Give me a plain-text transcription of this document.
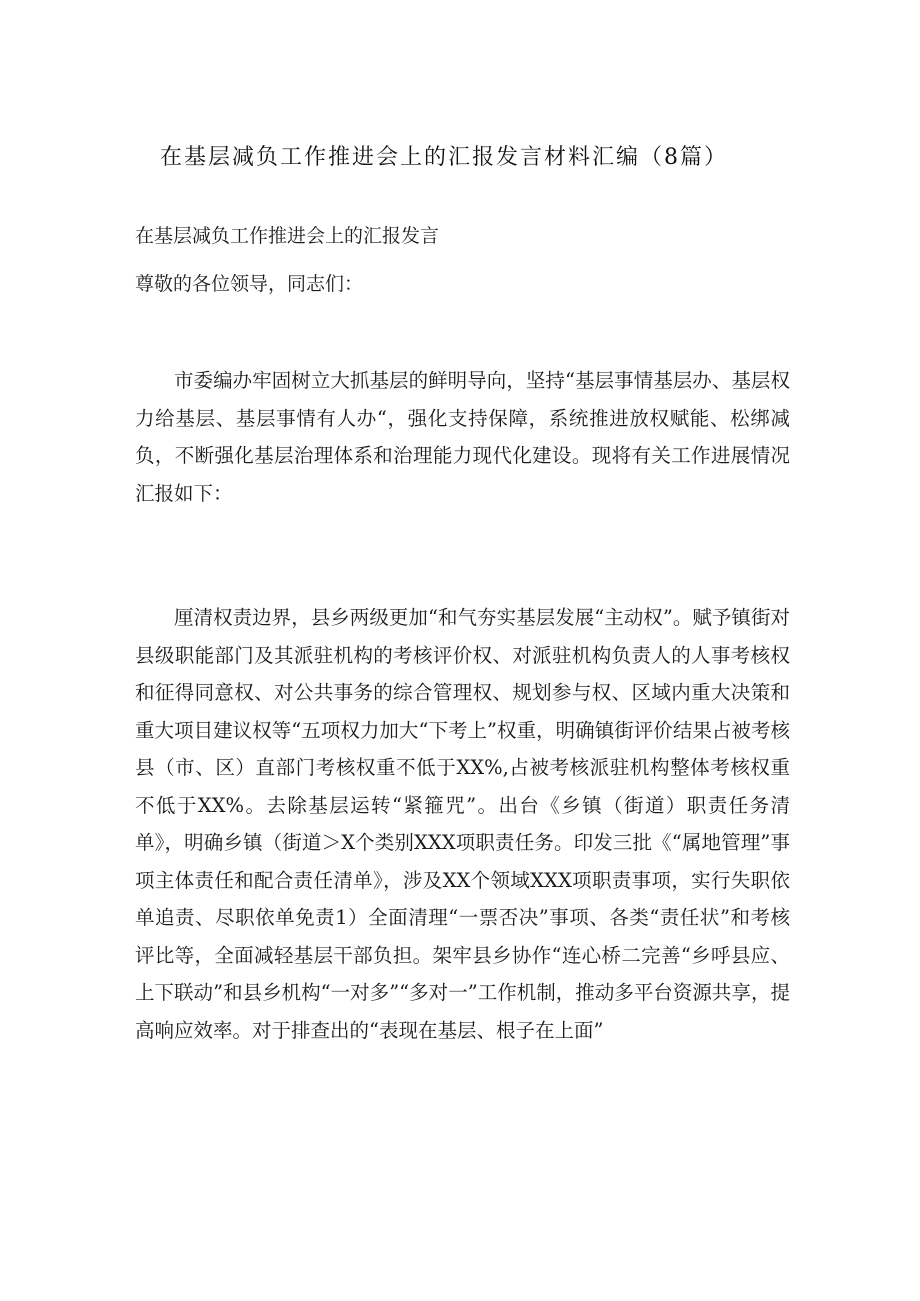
在基层减负工作推进会上的汇报发言材料汇编（8篇）
在基层减负工作推进会上的汇报发言
尊敬的各位领导，同志们：

市委编办牢固树立大抓基层的鲜明导向，坚持“基层事情基层办、基层权力给基层、基层事情有人办“，强化支持保障，系统推进放权赋能、松绑减负，不断强化基层治理体系和治理能力现代化建设。现将有关工作进展情况汇报如下：

厘清权责边界，县乡两级更加“和气夯实基层发展“主动权”。赋予镇街对县级职能部门及其派驻机构的考核评价权、对派驻机构负责人的人事考核权和征得同意权、对公共事务的综合管理权、规划参与权、区域内重大决策和重大项目建议权等“五项权力加大“下考上”权重，明确镇街评价结果占被考核县（市、区）直部门考核权重不低于XX%,占被考核派驻机构整体考核权重不低于XX%。去除基层运转“紧箍咒”。出台《乡镇（街道）职责任务清单》，明确乡镇（街道＞X个类别XXX项职责任务。印发三批《“属地管理”事项主体责任和配合责任清单》，涉及XX个领域XXX项职责事项，实行失职依单追责、尽职依单免责1）全面清理“一票否决”事项、各类“责任状”和考核评比等，全面减轻基层干部负担。架牢县乡协作“连心桥二完善“乡呼县应、上下联动”和县乡机构“一对多”“多对一”工作机制，推动多平台资源共享，提高响应效率。对于排查出的“表现在基层、根子在上面”
